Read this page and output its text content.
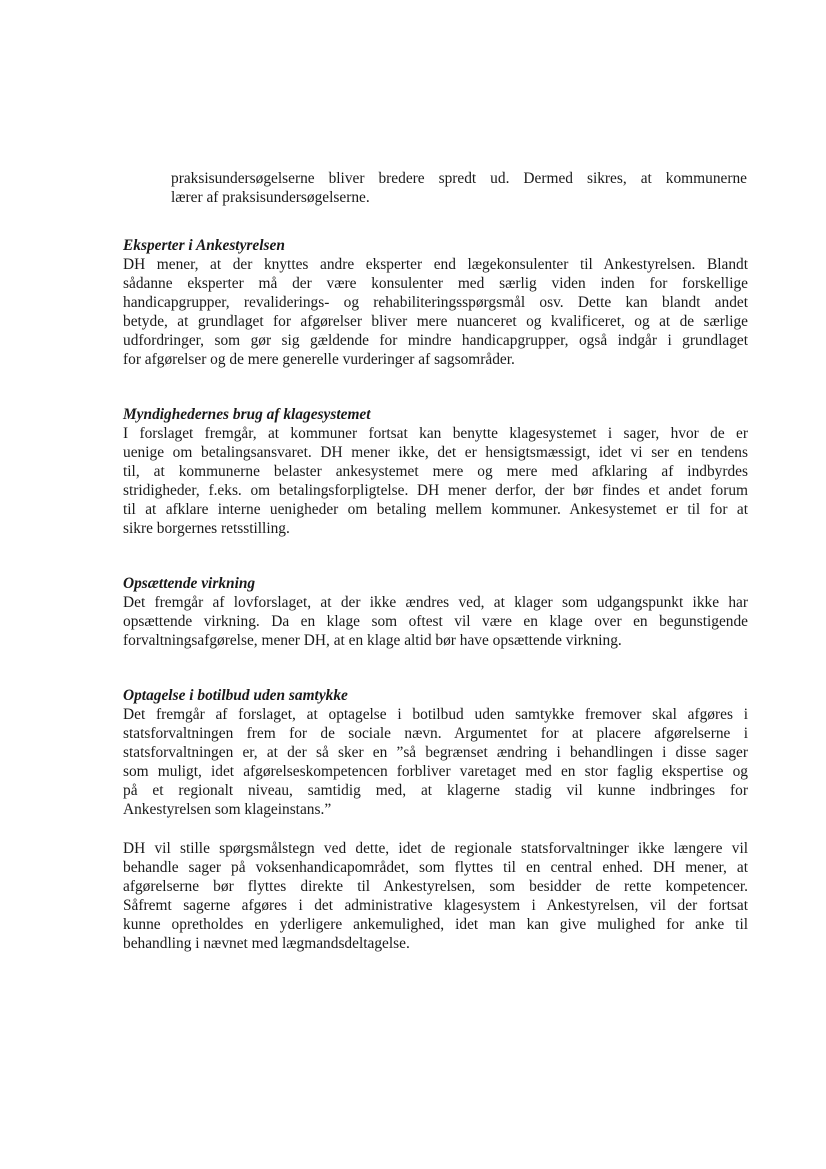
praksisundersøgelserne bliver bredere spredt ud. Dermed sikres, at kommunerne
lærer af praksisundersøgelserne.
Eksperter i Ankestyrelsen
DH mener, at der knyttes andre eksperter end lægekonsulenter til Ankestyrelsen. Blandt
sådanne eksperter må der være konsulenter med særlig viden inden for forskellige
handicapgrupper, revaliderings- og rehabiliteringsspørgsmål osv. Dette kan blandt andet
betyde, at grundlaget for afgørelser bliver mere nuanceret og kvalificeret, og at de særlige
udfordringer, som gør sig gældende for mindre handicapgrupper, også indgår i grundlaget
for afgørelser og de mere generelle vurderinger af sagsområder.
Myndighedernes brug af klagesystemet
I forslaget fremgår, at kommuner fortsat kan benytte klagesystemet i sager, hvor de er
uenige om betalingsansvaret. DH mener ikke, det er hensigtsmæssigt, idet vi ser en tendens
til, at kommunerne belaster ankesystemet mere og mere med afklaring af indbyrdes
stridigheder, f.eks. om betalingsforpligtelse. DH mener derfor, der bør findes et andet forum
til at afklare interne uenigheder om betaling mellem kommuner. Ankesystemet er til for at
sikre borgernes retsstilling.
Opsættende virkning
Det fremgår af lovforslaget, at der ikke ændres ved, at klager som udgangspunkt ikke har
opsættende virkning. Da en klage som oftest vil være en klage over en begunstigende
forvaltningsafgørelse, mener DH, at en klage altid bør have opsættende virkning.
Optagelse i botilbud uden samtykke
Det fremgår af forslaget, at optagelse i botilbud uden samtykke fremover skal afgøres i
statsforvaltningen frem for de sociale nævn. Argumentet for at placere afgørelserne i
statsforvaltningen er, at der så sker en ”så begrænset ændring i behandlingen i disse sager
som muligt, idet afgørelseskompetencen forbliver varetaget med en stor faglig ekspertise og
på et regionalt niveau, samtidig med, at klagerne stadig vil kunne indbringes for
Ankestyrelsen som klageinstans.”
DH vil stille spørgsmålstegn ved dette, idet de regionale statsforvaltninger ikke længere vil
behandle sager på voksenhandicapområdet, som flyttes til en central enhed. DH mener, at
afgørelserne bør flyttes direkte til Ankestyrelsen, som besidder de rette kompetencer.
Såfremt sagerne afgøres i det administrative klagesystem i Ankestyrelsen, vil der fortsat
kunne opretholdes en yderligere ankemulighed, idet man kan give mulighed for anke til
behandling i nævnet med lægmandsdeltagelse.
